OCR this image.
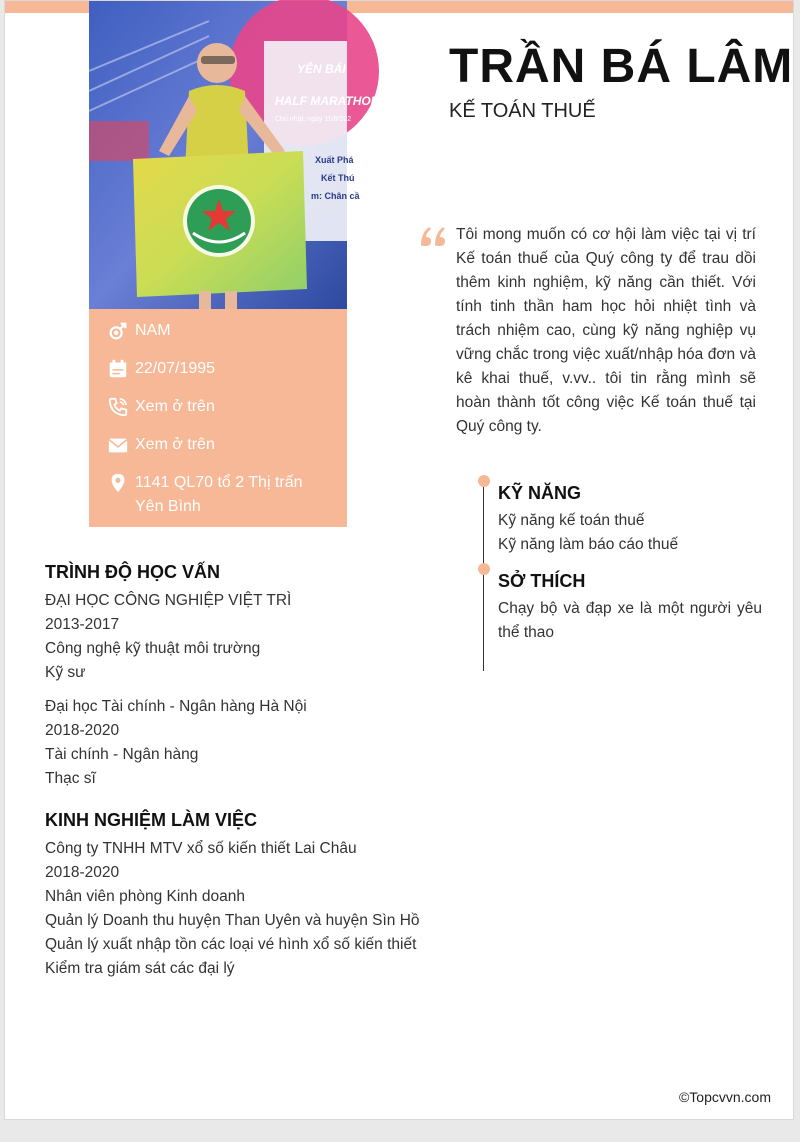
YÊN BÁI
HALF MARATHON
Chủ nhật, ngày 11/8/202
Xuất Phá
Kết Thú
m: Chân cầ
NAM
22/07/1995
Xem ở trên
Xem ở trên
1141 QL70 tổ 2 Thị trấn Yên Bình
TRẦN BÁ LÂM
KẾ TOÁN THUẾ
Tôi mong muốn có cơ hội làm việc tại vị trí Kế toán thuế của Quý công ty để trau dồi thêm kinh nghiệm, kỹ năng cần thiết. Với tính tinh thần ham học hỏi nhiệt tình và trách nhiệm cao, cùng kỹ năng nghiệp vụ vững chắc trong việc xuất/nhập hóa đơn và kê khai thuế, v.vv.. tôi tin rằng mình sẽ hoàn thành tốt công việc Kế toán thuế tại Quý công ty.
KỸ NĂNG
Kỹ năng kế toán thuế
Kỹ năng làm báo cáo thuế
SỞ THÍCH
Chạy bộ và đạp xe là một người yêu thể thao
TRÌNH ĐỘ HỌC VẤN
ĐẠI HỌC CÔNG NGHIỆP VIỆT TRÌ
2013-2017
Công nghệ kỹ thuật môi trường
Kỹ sư
Đại học Tài chính - Ngân hàng Hà Nội
2018-2020
Tài chính - Ngân hàng
Thạc sĩ
KINH NGHIỆM LÀM VIỆC
Công ty TNHH MTV xổ số kiến thiết Lai Châu
2018-2020
Nhân viên phòng Kinh doanh
Quản lý Doanh thu huyện Than Uyên và huyện Sìn Hồ
Quản lý xuất nhập tồn các loại vé hình xổ số kiến thiết
Kiểm tra giám sát các đại lý
©Topcvvn.com
